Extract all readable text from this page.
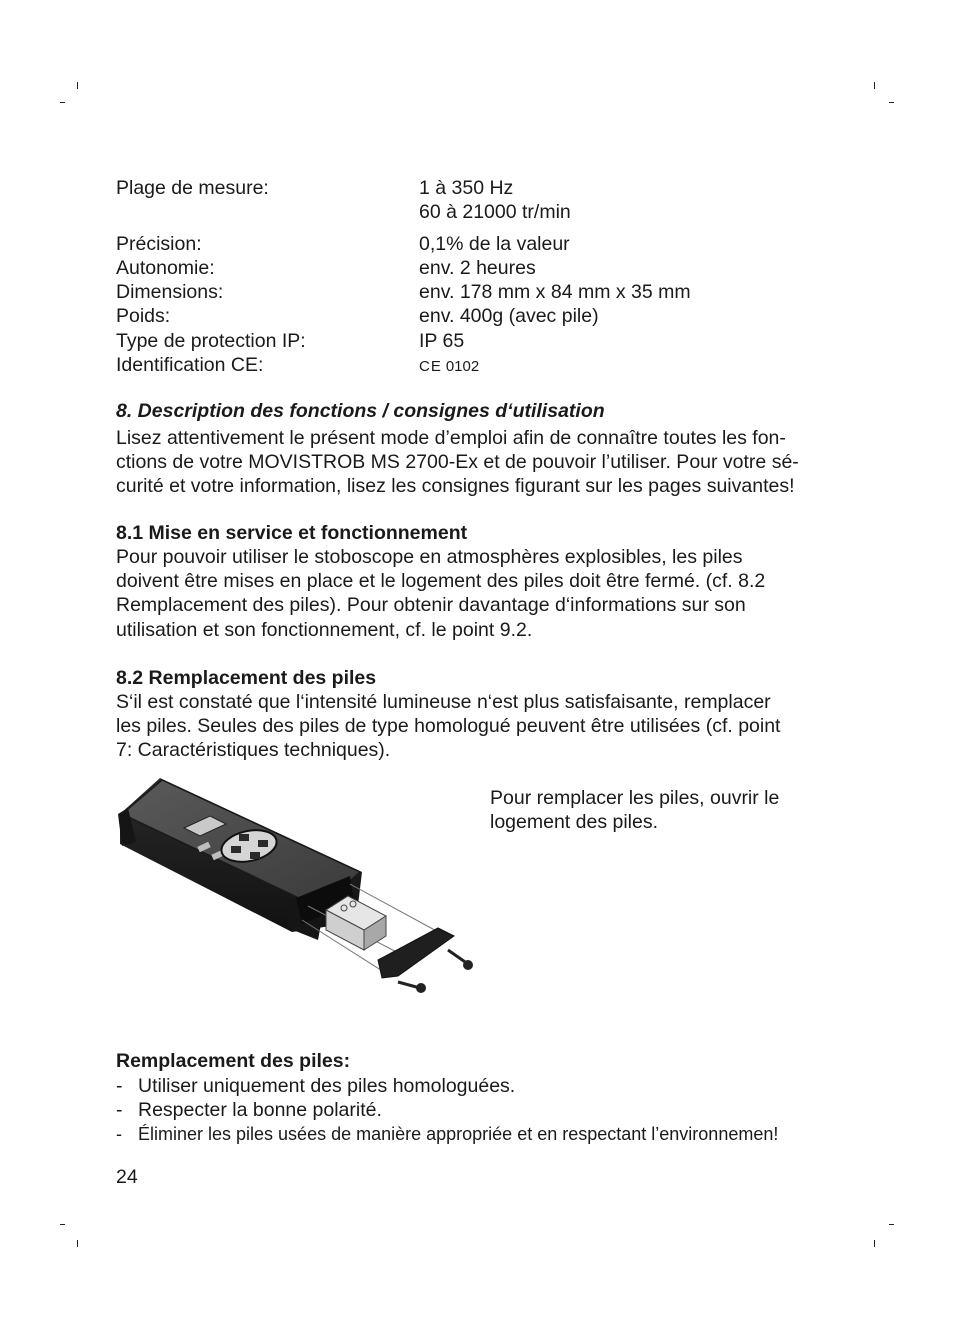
Plage de mesure:	1 à 350 Hz
60 à 21000 tr/min
Précision:	0,1% de la valeur
Autonomie:	env. 2 heures
Dimensions:	env. 178 mm x 84 mm x 35 mm
Poids:	env. 400g (avec pile)
Type de protection IP:	IP 65
Identification CE:	CE 0102
8. Description des fonctions / consignes d‘utilisation
Lisez attentivement le présent mode d’emploi afin de connaître toutes les fon-
ctions de votre MOVISTROB MS 2700-Ex et de pouvoir l’utiliser. Pour votre sé-
curité et votre information, lisez les consignes figurant sur les pages suivantes!
8.1 Mise en service et fonctionnement
Pour pouvoir utiliser le stoboscope en atmosphères explosibles, les piles
doivent être mises en place et le logement des piles doit être fermé. (cf. 8.2
Remplacement des piles). Pour obtenir davantage d‘informations sur son
utilisation et son fonctionnement, cf. le point 9.2.
8.2 Remplacement des piles
S‘il est constaté que l‘intensité lumineuse n‘est plus satisfaisante, remplacer
les piles. Seules des piles de type homologué peuvent être utilisées (cf. point
7: Caractéristiques techniques).
Pour remplacer les piles, ouvrir le
logement des piles.
Remplacement des piles:
- Utiliser uniquement des piles homologuées.
- Respecter la bonne polarité.
- Éliminer les piles usées de manière appropriée et en respectant l’environnemen!
24
